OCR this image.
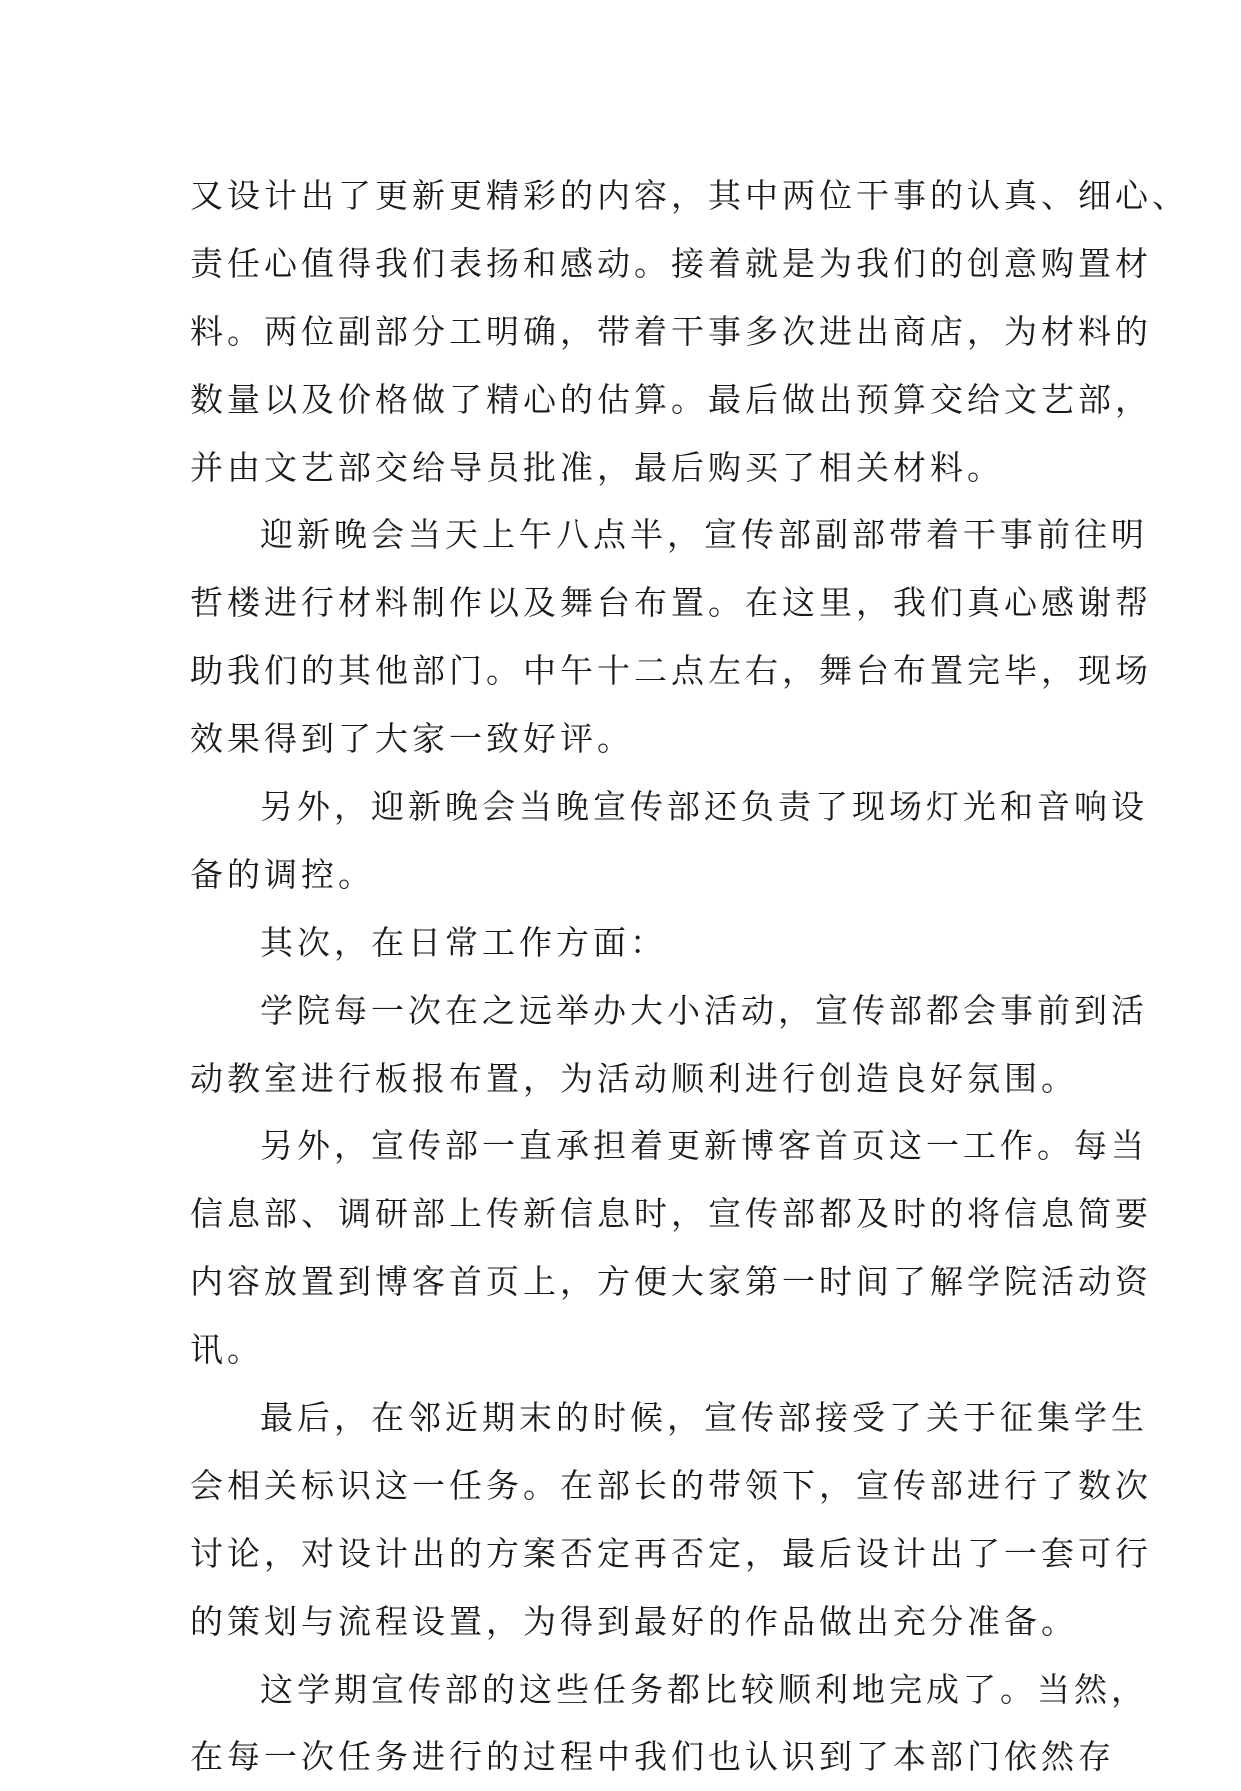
又设计出了更新更精彩的内容，其中两位干事的认真、细心、
责任心值得我们表扬和感动。接着就是为我们的创意购置材
料。两位副部分工明确，带着干事多次进出商店，为材料的
数量以及价格做了精心的估算。最后做出预算交给文艺部，
并由文艺部交给导员批准，最后购买了相关材料。
迎新晚会当天上午八点半，宣传部副部带着干事前往明
哲楼进行材料制作以及舞台布置。在这里，我们真心感谢帮
助我们的其他部门。中午十二点左右，舞台布置完毕，现场
效果得到了大家一致好评。
另外，迎新晚会当晚宣传部还负责了现场灯光和音响设
备的调控。
其次，在日常工作方面：
学院每一次在之远举办大小活动，宣传部都会事前到活
动教室进行板报布置，为活动顺利进行创造良好氛围。
另外，宣传部一直承担着更新博客首页这一工作。每当
信息部、调研部上传新信息时，宣传部都及时的将信息简要
内容放置到博客首页上，方便大家第一时间了解学院活动资
讯。
最后，在邻近期末的时候，宣传部接受了关于征集学生
会相关标识这一任务。在部长的带领下，宣传部进行了数次
讨论，对设计出的方案否定再否定，最后设计出了一套可行
的策划与流程设置，为得到最好的作品做出充分准备。
这学期宣传部的这些任务都比较顺利地完成了。当然，
在每一次任务进行的过程中我们也认识到了本部门依然存
